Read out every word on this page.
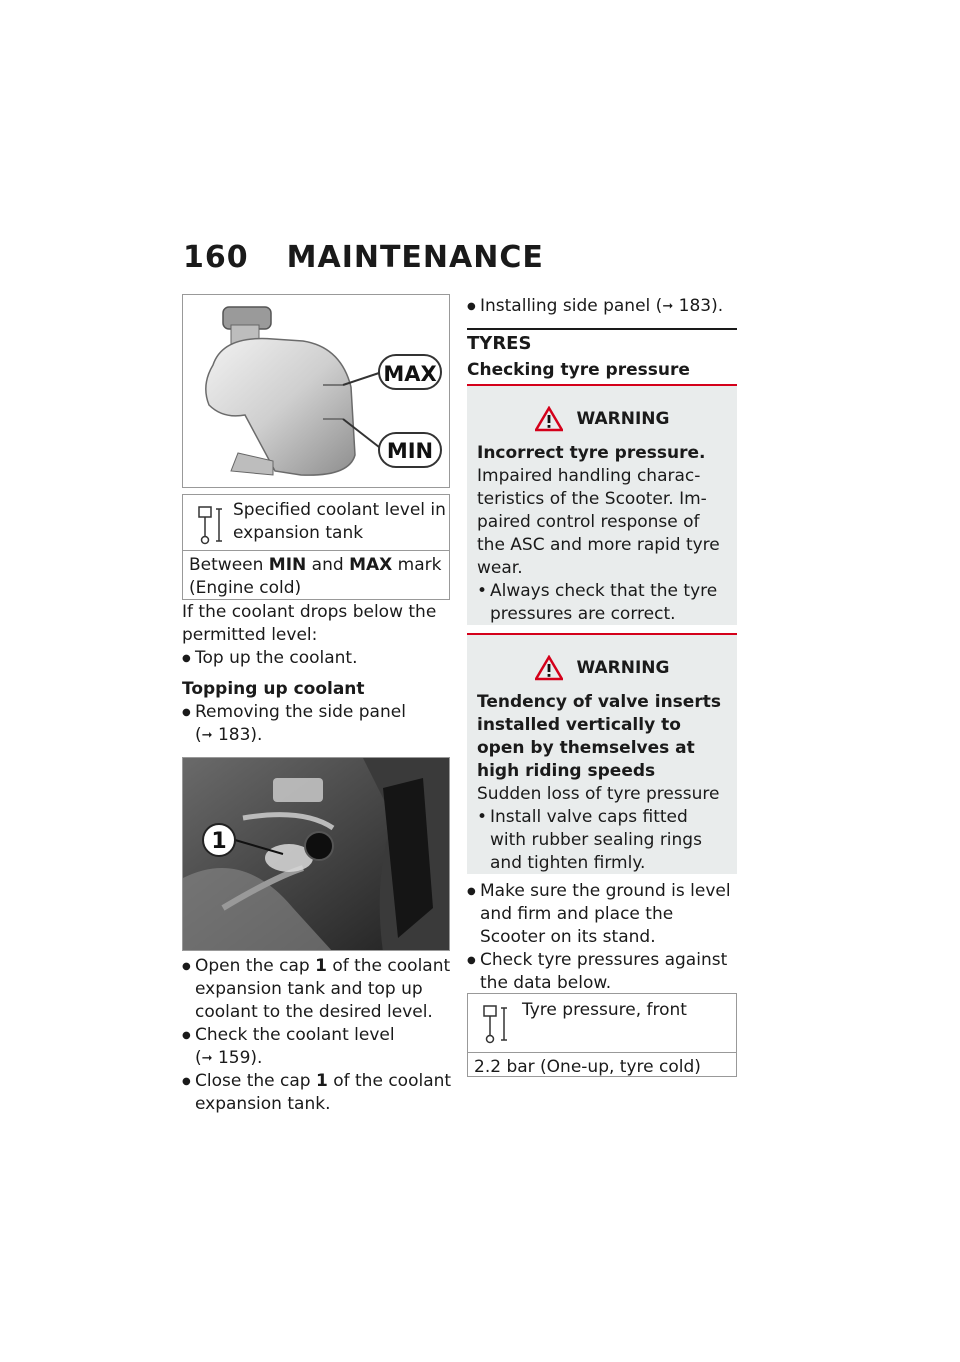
160 MAINTENANCE
MAX
MIN
Specified coolant level in expansion tank
Between MIN and MAX mark
(Engine cold)

If the coolant drops below the permitted level:

● Top up the coolant.
Topping up coolant
● Removing the side panel
(➞ 183).
1
● Open the cap 1 of the coolant expansion tank and top up coolant to the desired level.
● Check the coolant level
(➞ 159).
● Close the cap 1 of the coolant expansion tank.
● Installing side panel (➞ 183).
TYRES
Checking tyre pressure
WARNING
Incorrect tyre pressure.

Impaired handling charac-teristics of the Scooter. Im-paired control response of the ASC and more rapid tyre wear.

• Always check that the tyre pressures are correct.
WARNING
Tendency of valve inserts installed vertically to open by themselves at high riding speeds

Sudden loss of tyre pressure

• Install valve caps fitted with rubber sealing rings and tighten firmly.
● Make sure the ground is level and firm and place the Scooter on its stand.
● Check tyre pressures against the data below.
Tyre pressure, front
2.2 bar (One-up, tyre cold)
